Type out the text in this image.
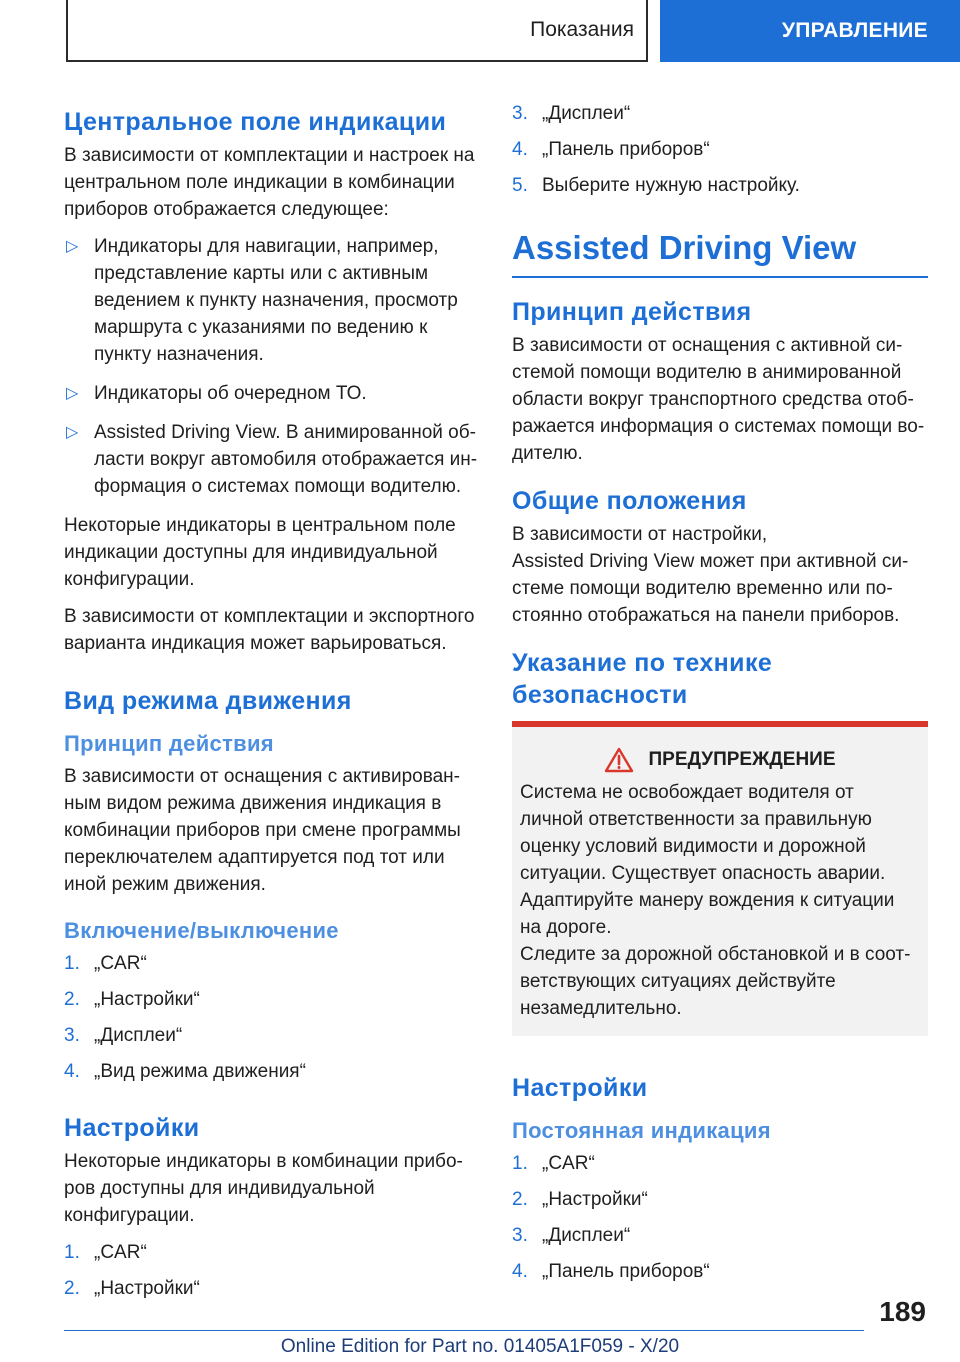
Показания	УПРАВЛЕНИЕ
Центральное поле индикации

В зависимости от комплектации и настроек на центральном поле индикации в комбинации приборов отображается следующее:

▷ Индикаторы для навигации, например, представление карты или с активным ведением к пункту назначения, просмотр маршрута с указаниями по ведению к пункту назначения.
▷ Индикаторы об очередном ТО.
▷ Assisted Driving View. В анимированной области вокруг автомобиля отображается информация о системах помощи водителю.

Некоторые индикаторы в центральном поле индикации доступны для индивидуальной конфигурации.

В зависимости от комплектации и экспортного варианта индикация может варьироваться.

Вид режима движения
Принцип действия

В зависимости от оснащения с активированным видом режима движения индикация в комбинации приборов при смене программы переключателем адаптируется под тот или иной режим движения.

Включение/выключение
1. „CAR“
2. „Настройки“
3. „Дисплеи“
4. „Вид режима движения“
Настройки

Некоторые индикаторы в комбинации приборов доступны для индивидуальной конфигурации.

1. „CAR“
2. „Настройки“
3. „Дисплеи“
4. „Панель приборов“
5. Выберите нужную настройку.
Assisted Driving View
Принцип действия

В зависимости от оснащения с активной системой помощи водителю в анимированной области вокруг транспортного средства отображается информация о системах помощи водителю.

Общие положения

В зависимости от настройки,

Assisted Driving View может при активной системе помощи водителю временно или постоянно отображаться на панели приборов.

Указание по технике безопасности
ПРЕДУПРЕЖДЕНИЕ

Система не освобождает водителя от личной ответственности за правильную оценку условий видимости и дорожной ситуации. Существует опасность аварии. Адаптируйте манеру вождения к ситуации на дороге.

Следите за дорожной обстановкой и в соответствующих ситуациях действуйте незамедлительно.

Настройки
Постоянная индикация
1. „CAR“
2. „Настройки“
3. „Дисплеи“
4. „Панель приборов“
189
Online Edition for Part no. 01405A1F059 - X/20
